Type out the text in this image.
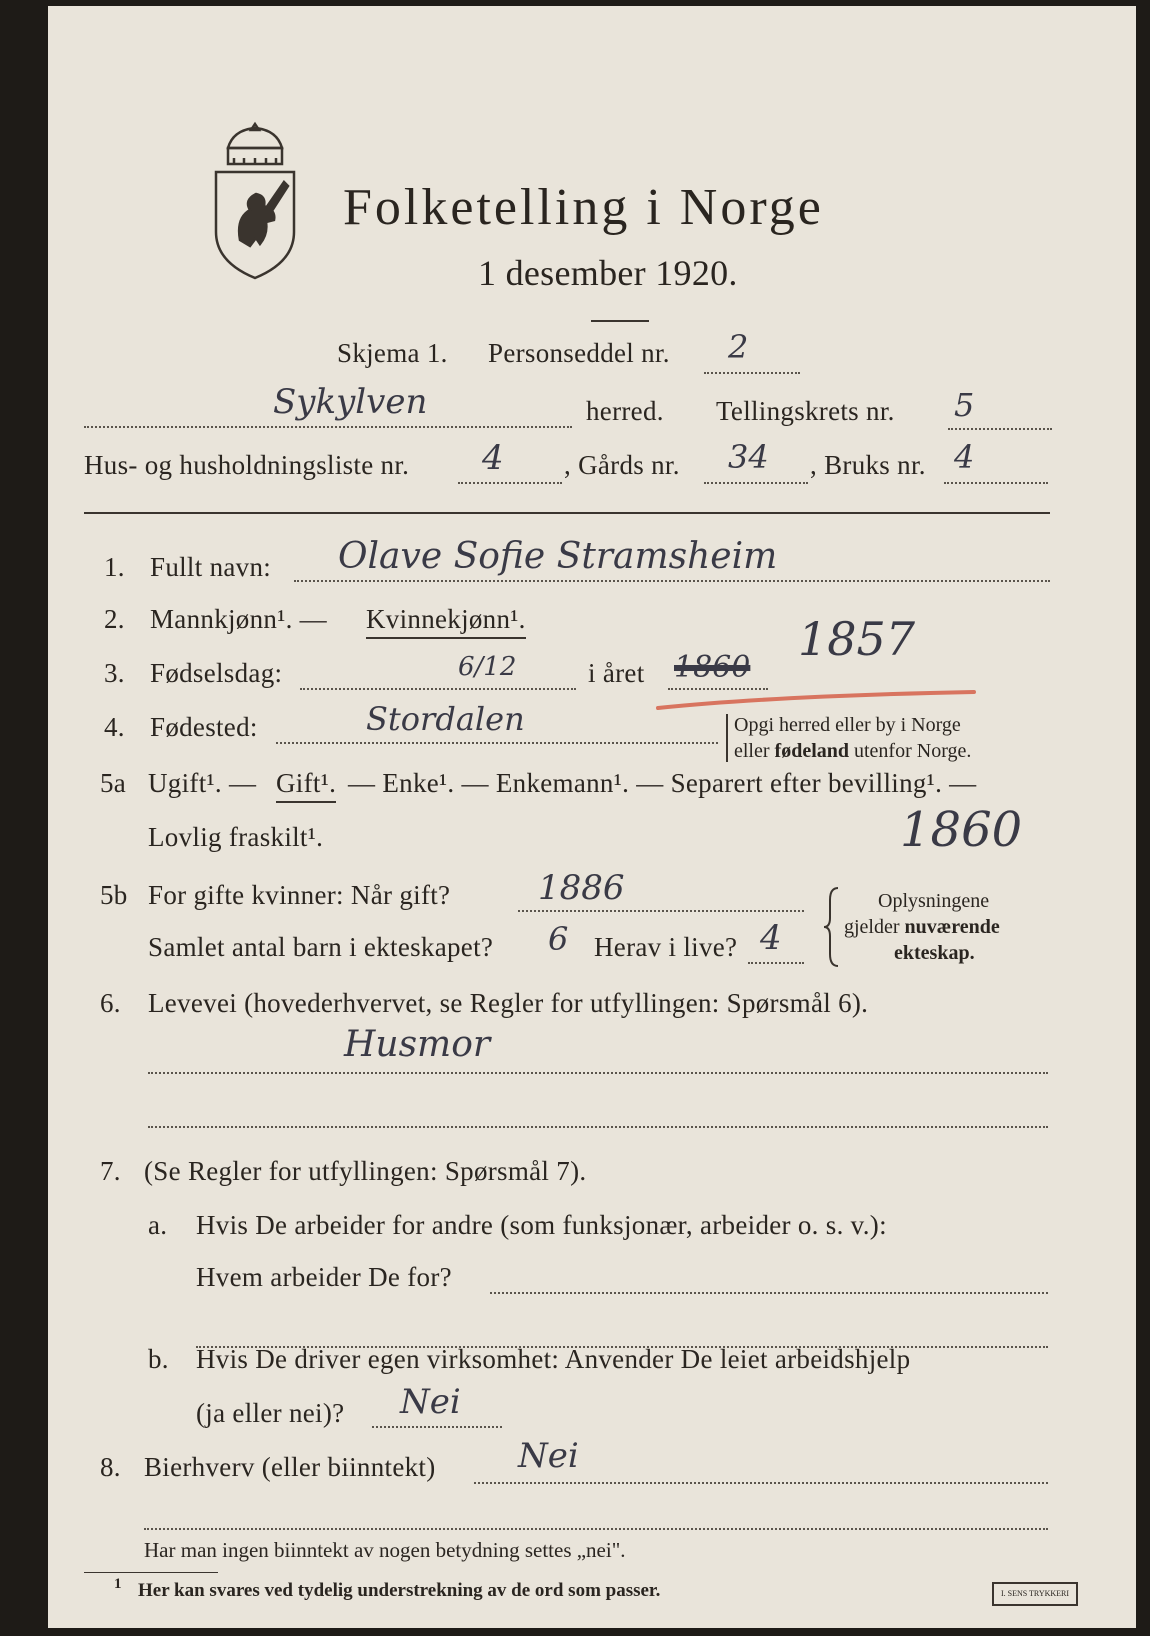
Folketelling i Norge
1 desember 1920.
Skjema 1. Personseddel nr. 2
Sykylven	herred. Tellingskrets nr. 5
Hus- og husholdningsliste nr. 4 , Gårds nr. 34 , Bruks nr. 4
1. Fullt navn: Olave Sofie Stramsheim
2. Mannkjønn¹. — Kvinnekjønn¹.
3. Fødselsdag:	6/12	i året 1860
1857
4. Fødested:	Stordalen	Opgi herred eller by i Norge
eller fødeland utenfor Norge.
5a Ugift¹. — Gift¹. — Enke¹. — Enkemann¹. — Separert efter bevilling¹. —
Lovlig fraskilt¹.	1860
5b For gifte kvinner: Når gift?	1886
Samlet antal barn i ekteskapet? 6 Herav i live? 4
Oplysningene
gjelder nuværende
ekteskap.
6. Levevei (hovederhvervet, se Regler for utfyllingen: Spørsmål 6).
Husmor
7. (Se Regler for utfyllingen: Spørsmål 7).
a. Hvis De arbeider for andre (som funksjonær, arbeider o. s. v.):
Hvem arbeider De for?
b. Hvis De driver egen virksomhet: Anvender De leiet arbeidshjelp
(ja eller nei)? Nei
8. Bierhverv (eller biinntekt) Nei
Har man ingen biinntekt av nogen betydning settes „nei".
1 Her kan svares ved tydelig understrekning av de ord som passer.	I. SENS TRYKKERI
